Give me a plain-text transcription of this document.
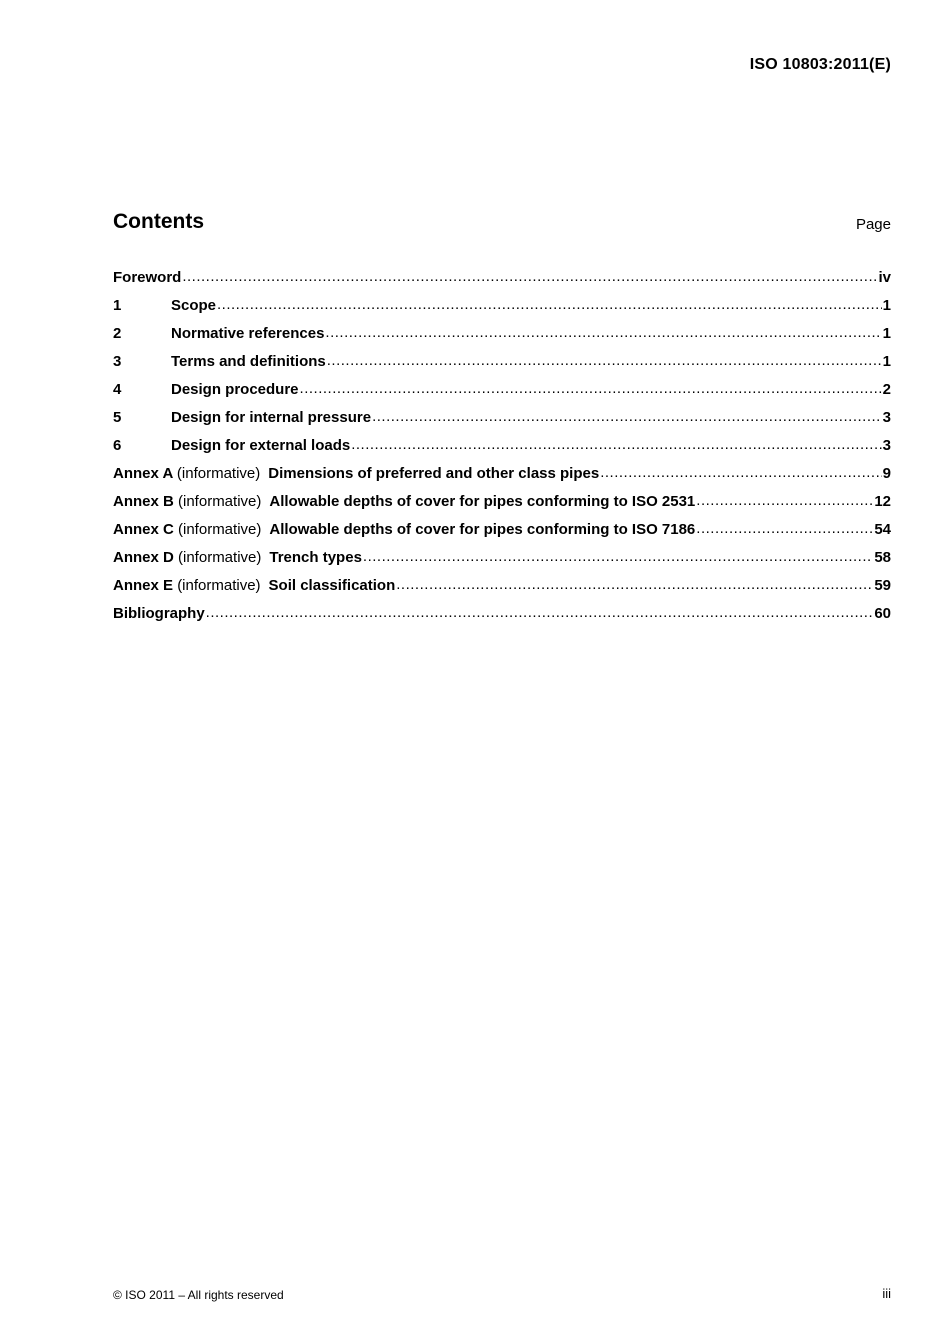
ISO 10803:2011(E)
Contents	Page
Foreword .....	iv
1	Scope .....	1
2	Normative references .....	1
3	Terms and definitions .....	1
4	Design procedure .....	2
5	Design for internal pressure .....	3
6	Design for external loads .....	3
Annex A (informative) Dimensions of preferred and other class pipes .....	9
Annex B (informative) Allowable depths of cover for pipes conforming to ISO 2531 .....	12
Annex C (informative) Allowable depths of cover for pipes conforming to ISO 7186 .....	54
Annex D (informative) Trench types .....	58
Annex E (informative) Soil classification .....	59
Bibliography .....	60
© ISO 2011 – All rights reserved	iii
